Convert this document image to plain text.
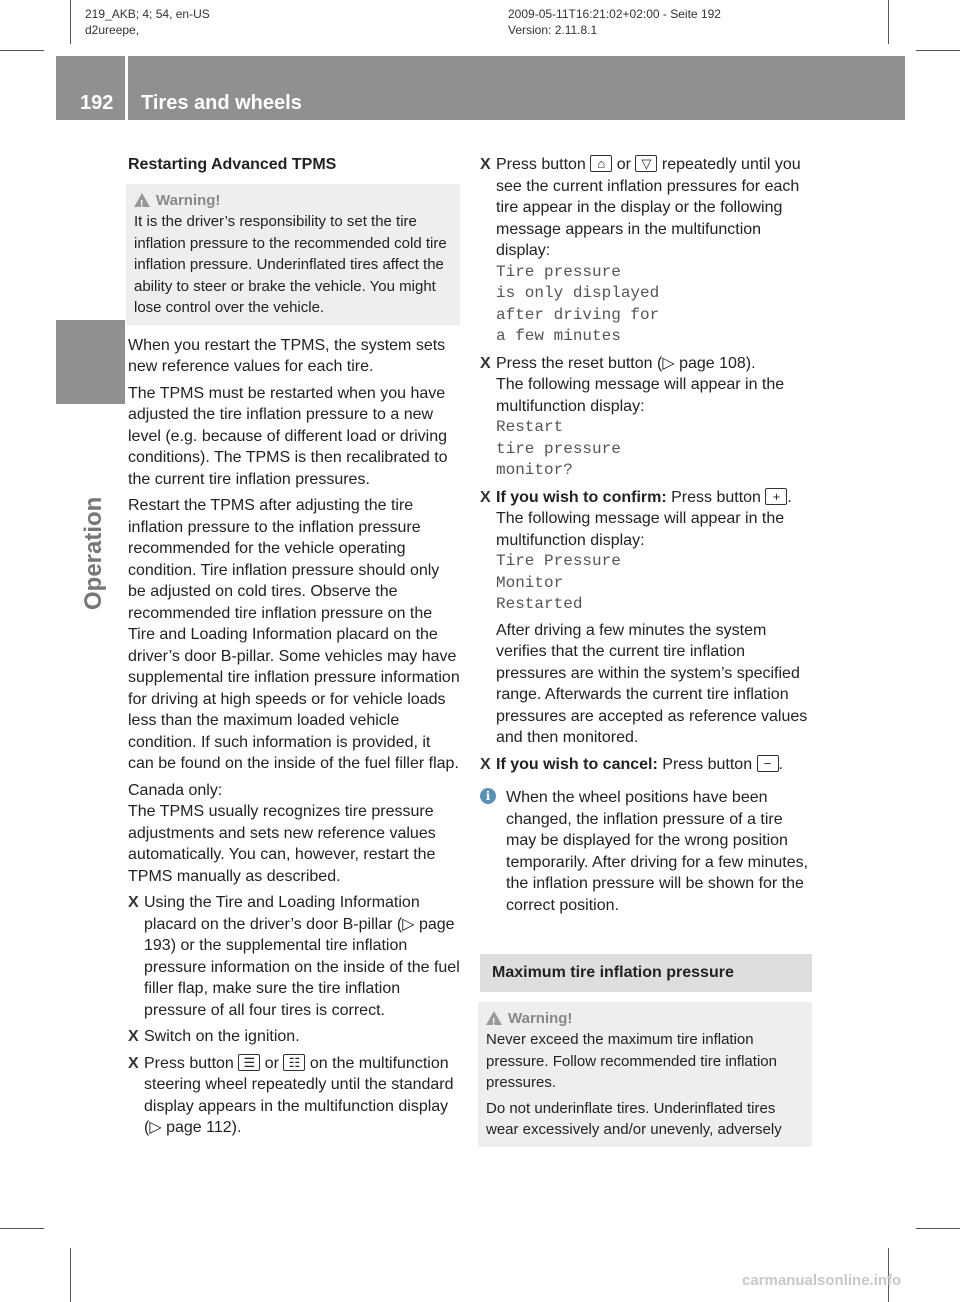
219_AKB; 4; 54, en-US
d2ureepe,
2009-05-11T16:21:02+02:00 - Seite 192
Version: 2.11.8.1
192 Tires and wheels
Operation
Restarting Advanced TPMS
!Warning!
It is the driver’s responsibility to set the tire inflation pressure to the recommended cold tire inflation pressure. Underinflated tires affect the ability to steer or brake the vehicle. You might lose control over the vehicle.

When you restart the TPMS, the system sets new reference values for each tire.

The TPMS must be restarted when you have adjusted the tire inflation pressure to a new level (e.g. because of different load or driving conditions). The TPMS is then recalibrated to the current tire inflation pressures.

Restart the TPMS after adjusting the tire inflation pressure to the inflation pressure recommended for the vehicle operating condition. Tire inflation pressure should only be adjusted on cold tires. Observe the recommended tire inflation pressure on the Tire and Loading Information placard on the driver’s door B-pillar. Some vehicles may have supplemental tire inflation pressure information for driving at high speeds or for vehicle loads less than the maximum loaded vehicle condition. If such information is provided, it can be found on the inside of the fuel filler flap.

Canada only:
The TPMS usually recognizes tire pressure adjustments and sets new reference values automatically. You can, however, restart the TPMS manually as described.

X Using the Tire and Loading Information placard on the driver’s door B-pillar (▷ page 193) or the supplemental tire inflation pressure information on the inside of the fuel filler flap, make sure the tire inflation pressure of all four tires is correct.
X Switch on the ignition.
X Press button ☰ or ☷ on the multifunction steering wheel repeatedly until the standard display appears in the multifunction display (▷ page 112).
X Press button ⌂ or ▽ repeatedly until you see the current inflation pressures for each tire appear in the display or the following message appears in the multifunction display:
Tire pressure
is only displayed
after driving for
a few minutes
X Press the reset button (▷ page 108).
The following message will appear in the multifunction display:
Restart
tire pressure
monitor?
X If you wish to confirm: Press button + .
The following message will appear in the multifunction display:
Tire Pressure
Monitor
Restarted
After driving a few minutes the system verifies that the current tire inflation pressures are within the system’s specified range. Afterwards the current tire inflation pressures are accepted as reference values and then monitored.
X If you wish to cancel: Press button − .
i When the wheel positions have been changed, the inflation pressure of a tire may be displayed for the wrong position temporarily. After driving for a few minutes, the inflation pressure will be shown for the correct position.
Maximum tire inflation pressure
!Warning!
Never exceed the maximum tire inflation pressure. Follow recommended tire inflation pressures.
Do not underinflate tires. Underinflated tires wear excessively and/or unevenly, adversely
carmanualsonline.info
